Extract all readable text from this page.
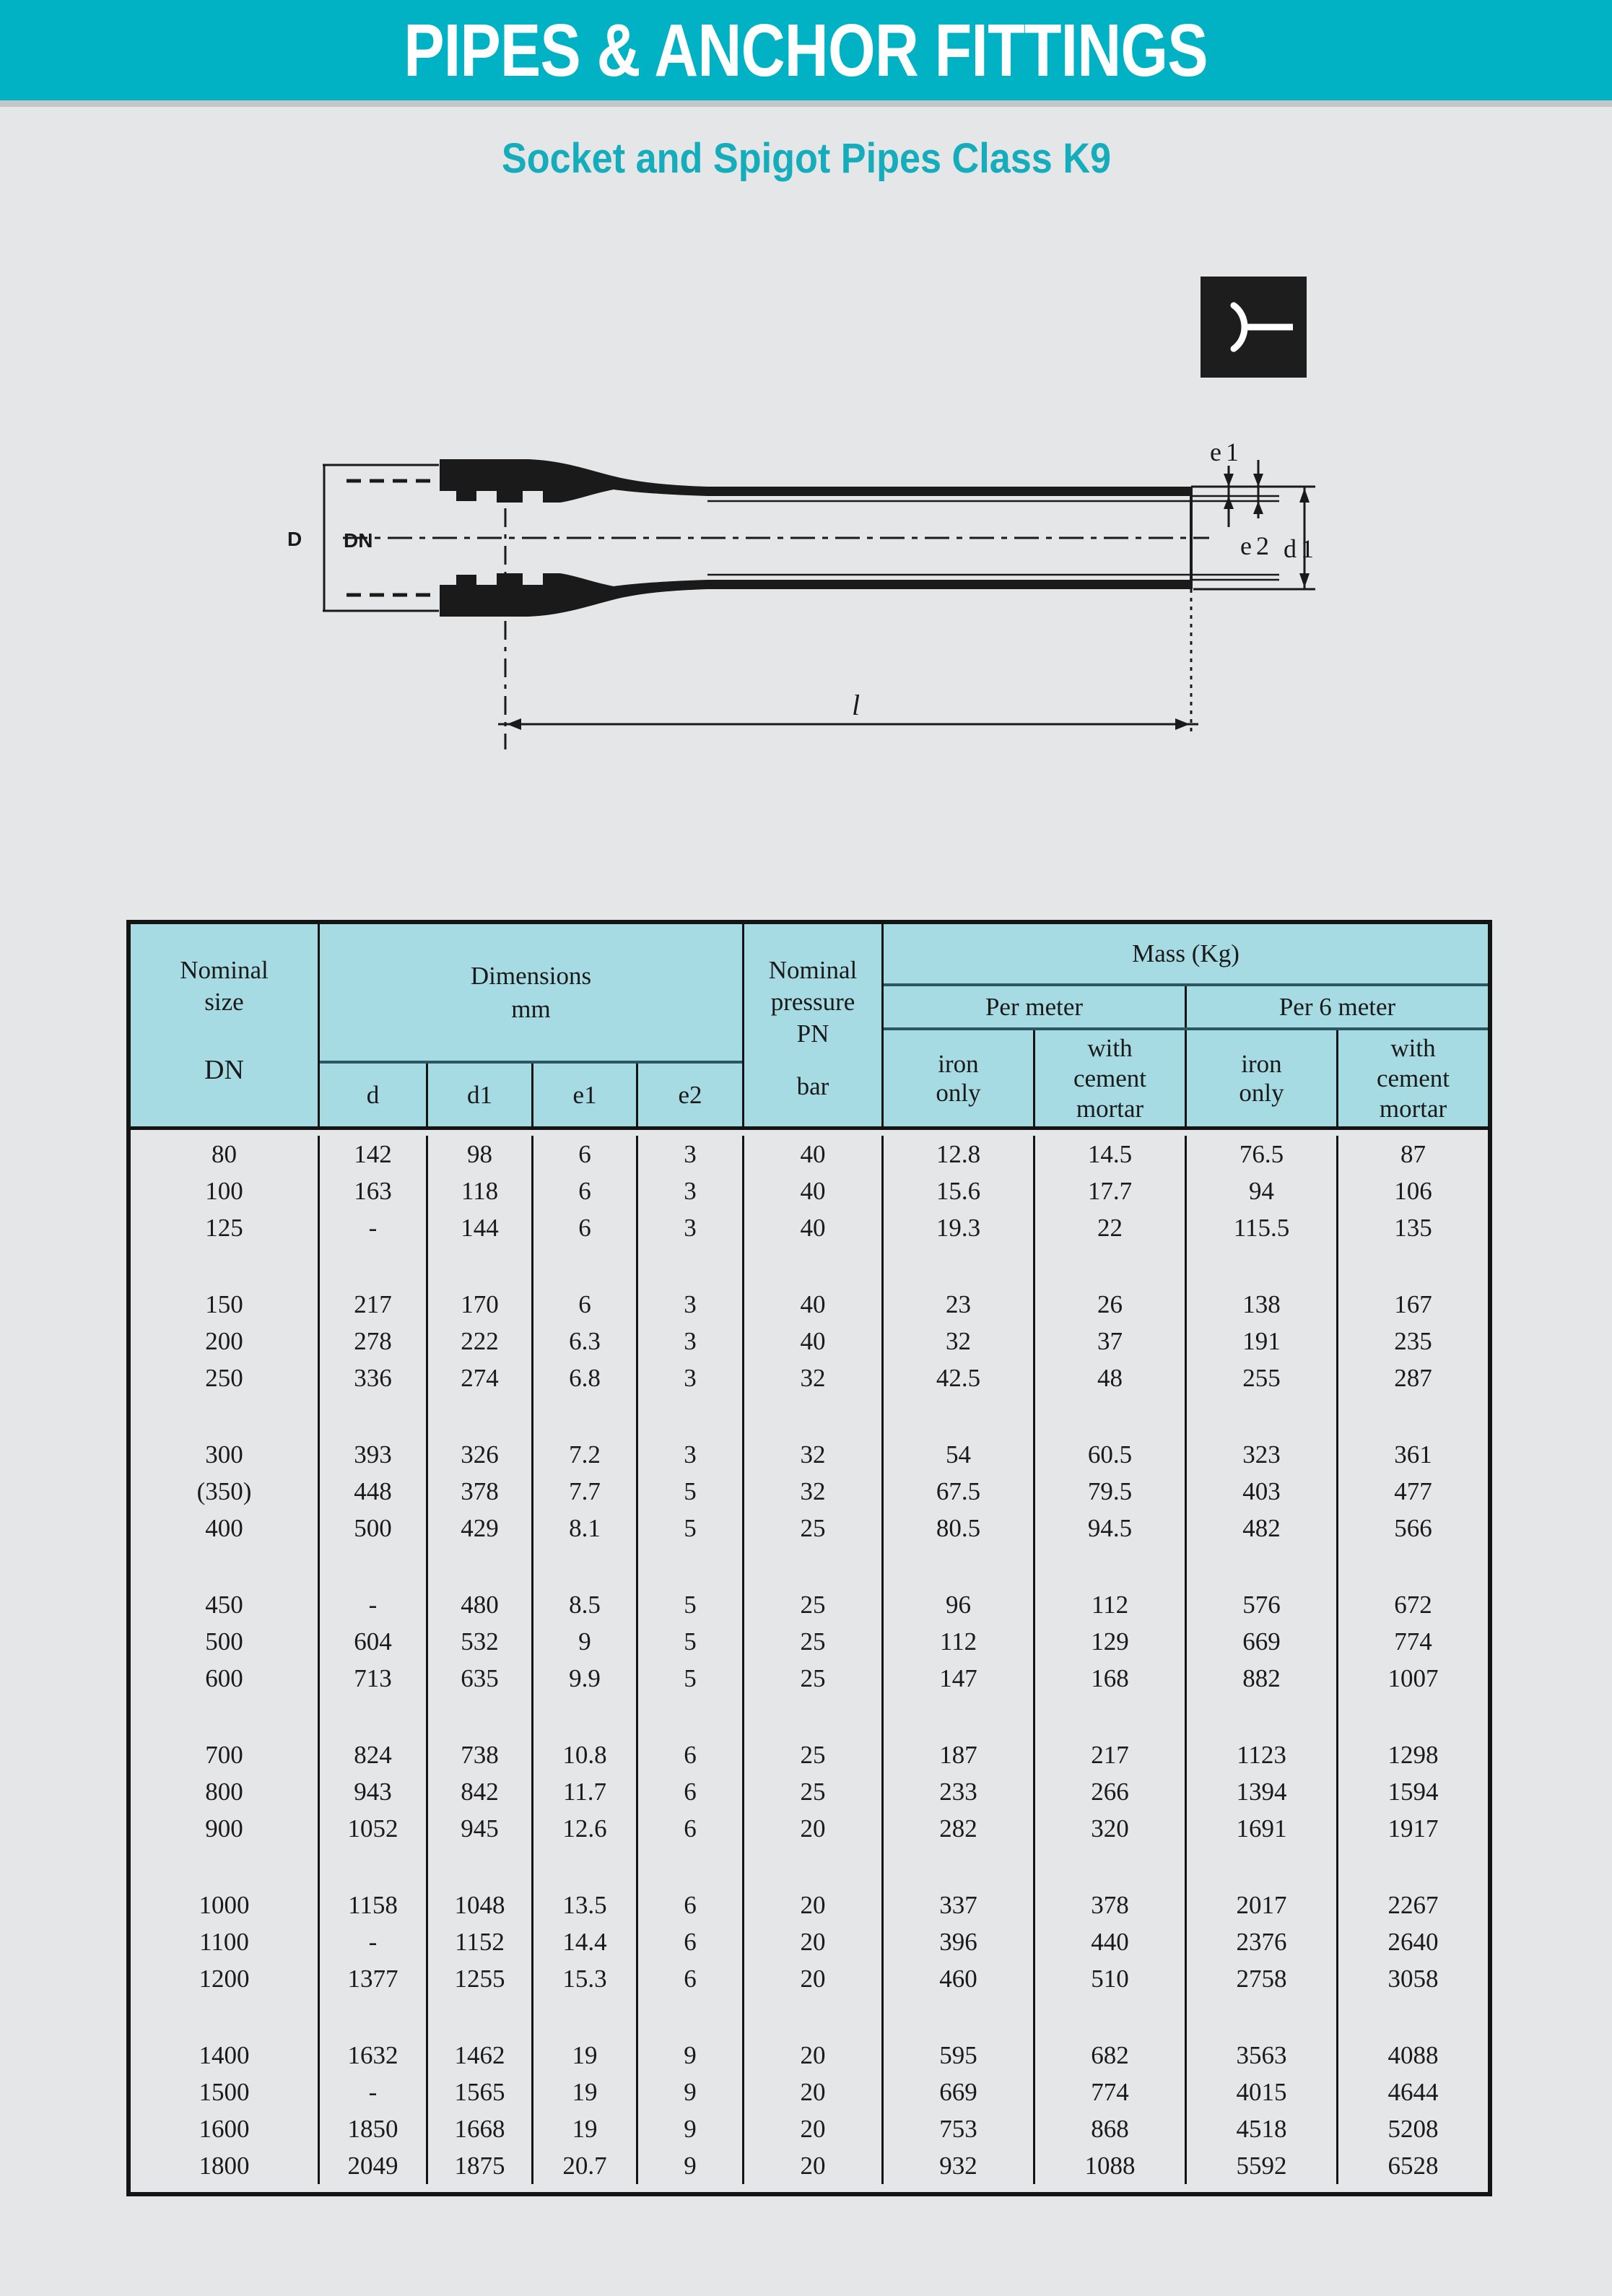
PIPES & ANCHOR FITTINGS
Socket and Spigot Pipes Class K9
D DN
e1
e2 d1
l
Nominal size
DN
Dimensions
mm
d	d1	e1	e2
Nominal pressure
PN
bar
Mass (Kg)
Per meter	Per 6 meter
iron only
with cement mortar
iron only
with cement mortar
80	142	98	6	3	40	12.8	14.5	76.5	87
100	163	118	6	3	40	15.6	17.7	94	106
125	-	144	6	3	40	19.3	22	115.5	135
150	217	170	6	3	40	23	26	138	167
200	278	222	6.3	3	40	32	37	191	235
250	336	274	6.8	3	32	42.5	48	255	287
300	393	326	7.2	3	32	54	60.5	323	361
(350)	448	378	7.7	5	32	67.5	79.5	403	477
400	500	429	8.1	5	25	80.5	94.5	482	566
450	-	480	8.5	5	25	96	112	576	672
500	604	532	9	5	25	112	129	669	774
600	713	635	9.9	5	25	147	168	882	1007
700	824	738	10.8	6	25	187	217	1123	1298
800	943	842	11.7	6	25	233	266	1394	1594
900	1052	945	12.6	6	20	282	320	1691	1917
1000	1158	1048	13.5	6	20	337	378	2017	2267
1100	-	1152	14.4	6	20	396	440	2376	2640
1200	1377	1255	15.3	6	20	460	510	2758	3058
1400	1632	1462	19	9	20	595	682	3563	4088
1500	-	1565	19	9	20	669	774	4015	4644
1600	1850	1668	19	9	20	753	868	4518	5208
1800	2049	1875	20.7	9	20	932	1088	5592	6528
